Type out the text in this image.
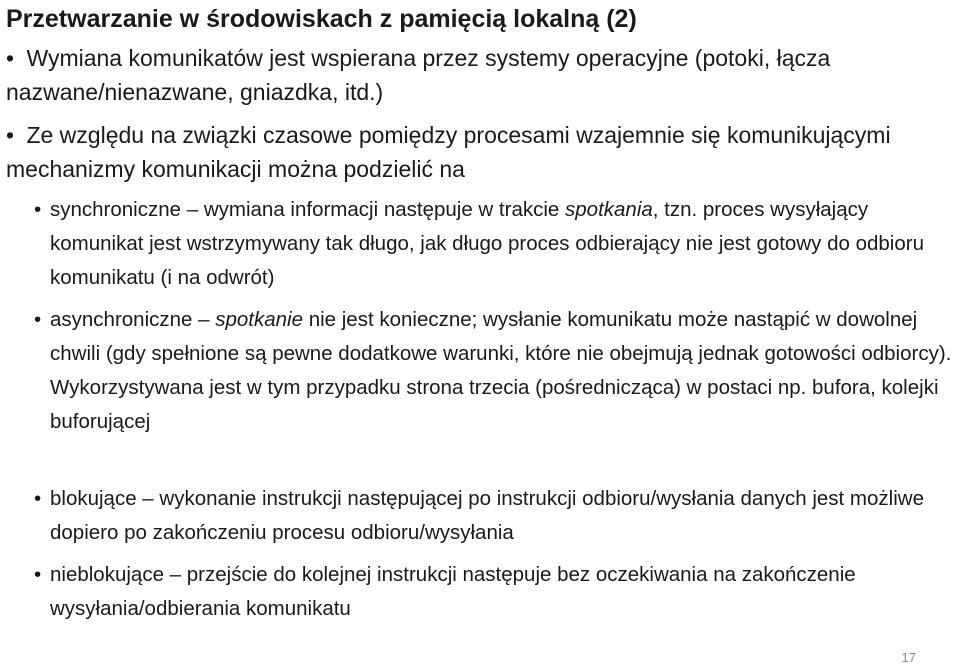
Przetwarzanie w środowiskach z pamięcią lokalną (2)
• Wymiana komunikatów jest wspierana przez systemy operacyjne (potoki, łącza nazwane/nienazwane, gniazdka, itd.)
• Ze względu na związki czasowe pomiędzy procesami wzajemnie się komunikującymi mechanizmy komunikacji można podzielić na
• synchroniczne – wymiana informacji następuje w trakcie spotkania, tzn. proces wysyłający komunikat jest wstrzymywany tak długo, jak długo proces odbierający nie jest gotowy do odbioru komunikatu (i na odwrót)
• asynchroniczne – spotkanie nie jest konieczne; wysłanie komunikatu może nastąpić w dowolnej chwili (gdy spełnione są pewne dodatkowe warunki, które nie obejmują jednak gotowości odbiorcy). Wykorzystywana jest w tym przypadku strona trzecia (pośrednicząca) w postaci np. bufora, kolejki buforującej
• blokujące – wykonanie instrukcji następującej po instrukcji odbioru/wysłania danych jest możliwe dopiero po zakończeniu procesu odbioru/wysyłania
• nieblokujące – przejście do kolejnej instrukcji następuje bez oczekiwania na zakończenie wysyłania/odbierania komunikatu
17
